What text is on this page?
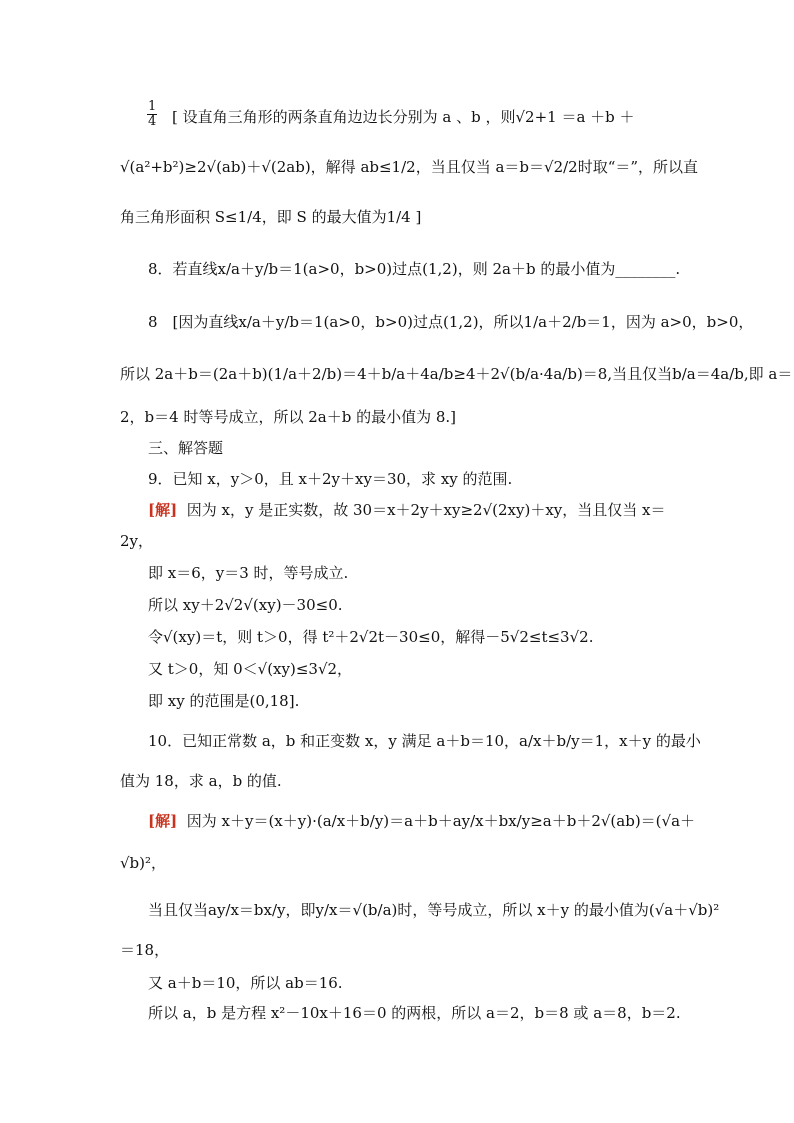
$\frac{1}{4}$ [ 设直角三角形的两条直角边边长分别为 a 、b ，则√2+1 ＝a ＋b ＋
√(a²+b²)≥2√(ab)＋√(2ab)，解得 ab≤1/2，当且仅当 a＝b＝√2/2时取“＝”，所以直
角三角形面积 S≤1/4，即 S 的最大值为1/4 ]
8．若直线x/a＋y/b＝1(a>0，b>0)过点(1,2)，则 2a＋b 的最小值为________.
8　[因为直线x/a＋y/b＝1(a>0，b>0)过点(1,2)，所以1/a＋2/b＝1，因为 a>0，b>0，
所以 2a＋b＝(2a＋b)(1/a＋2/b)＝4＋b/a＋4a/b≥4＋2√(b/a·4a/b)＝8,当且仅当b/a＝4a/b,即 a＝
2，b＝4 时等号成立，所以 2a＋b 的最小值为 8.]
三、解答题
9．已知 x，y＞0，且 x＋2y＋xy＝30，求 xy 的范围.
[解] 因为 x，y 是正实数，故 30＝x＋2y＋xy≥2√(2xy)＋xy，当且仅当 x＝
2y，
即 x＝6，y＝3 时，等号成立.
所以 xy＋2√2√(xy)－30≤0.
令√(xy)＝t，则 t＞0，得 t²＋2√2t－30≤0，解得－5√2≤t≤3√2.
又 t＞0，知 0＜√(xy)≤3√2，
即 xy 的范围是(0,18].
10．已知正常数 a，b 和正变数 x，y 满足 a＋b＝10，a/x＋b/y＝1，x＋y 的最小
值为 18，求 a，b 的值.
[解] 因为 x＋y＝(x＋y)·(a/x＋b/y)＝a＋b＋ay/x＋bx/y≥a＋b＋2√(ab)＝(√a＋
√b)²，
当且仅当ay/x＝bx/y，即y/x＝√(b/a)时，等号成立，所以 x＋y 的最小值为(√a＋√b)²
＝18，
又 a＋b＝10，所以 ab＝16.
所以 a，b 是方程 x²－10x＋16＝0 的两根，所以 a＝2，b＝8 或 a＝8，b＝2.
